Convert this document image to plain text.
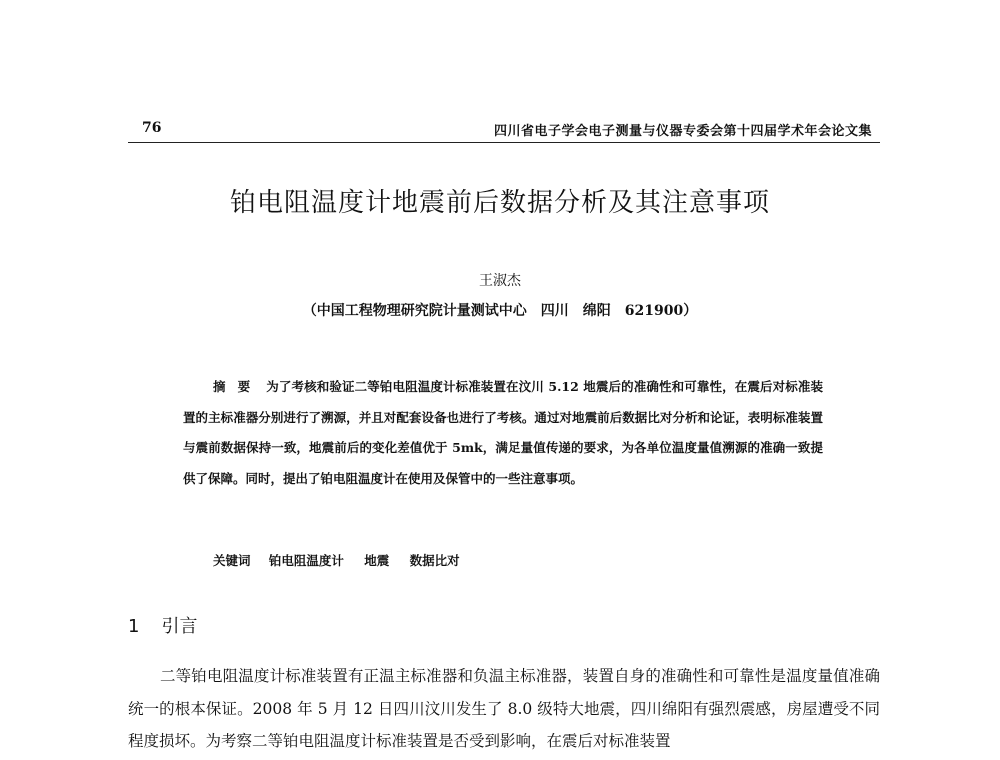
76	四川省电子学会电子测量与仪器专委会第十四届学术年会论文集
铂电阻温度计地震前后数据分析及其注意事项
王淑杰
（中国工程物理研究院计量测试中心　四川　绵阳　621900）

摘要 为了考核和验证二等铂电阻温度计标准装置在汶川 5.12 地震后的准确性和可靠性，在震后对标准装置的主标准器分别进行了溯源，并且对配套设备也进行了考核。通过对地震前后数据比对分析和论证，表明标准装置与震前数据保持一致，地震前后的变化差值优于 5mk，满足量值传递的要求，为各单位温度量值溯源的准确一致提供了保障。同时，提出了铂电阻温度计在使用及保管中的一些注意事项。

关键词 铂电阻温度计 地震 数据比对
1 引言

二等铂电阻温度计标准装置有正温主标准器和负温主标准器，装置自身的准确性和可靠性是温度量值准确统一的根本保证。2008 年 5 月 12 日四川汶川发生了 8.0 级特大地震，四川绵阳有强烈震感，房屋遭受不同程度损坏。为考察二等铂电阻温度计标准装置是否受到影响，在震后对标准装置
